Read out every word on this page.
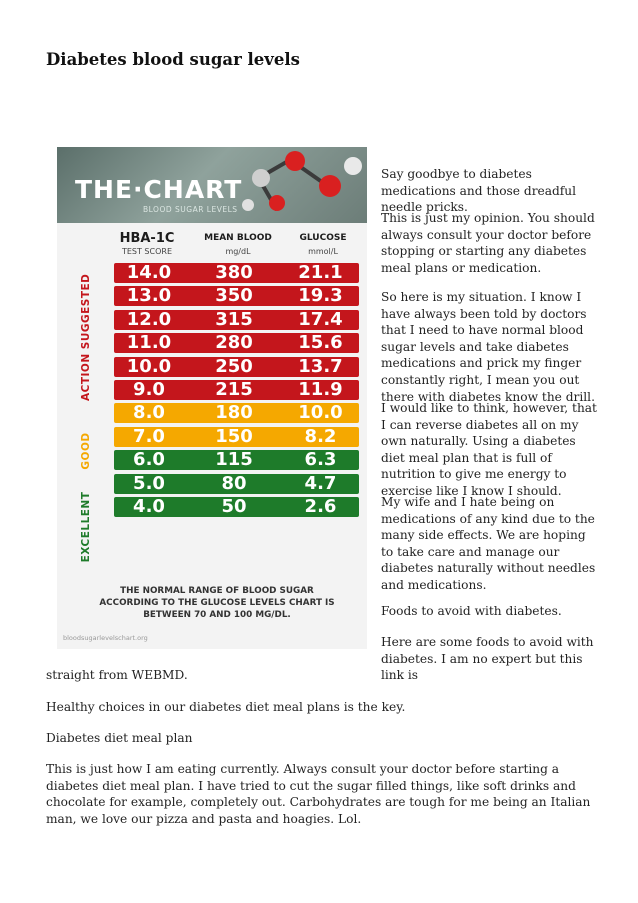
Diabetes blood sugar levels
THE·CHART
BLOOD SUGAR LEVELS
HBA-1C
TEST SCORE
MEAN BLOOD
mg/dL
GLUCOSE
mmol/L
14.0	380	21.1
13.0	350	19.3
12.0	315	17.4
11.0	280	15.6
10.0	250	13.7
9.0	215	11.9
8.0	180	10.0
7.0	150	8.2
6.0	115	6.3
5.0	80	4.7
4.0	50	2.6
ACTION SUGGESTED
GOOD
EXCELLENT
THE NORMAL RANGE OF BLOOD SUGAR ACCORDING TO THE GLUCOSE LEVELS CHART IS BETWEEN 70 AND 100 MG/DL.
bloodsugarlevelschart.org

Say goodbye to diabetes medications and those dreadful needle pricks.

This is just my opinion. You should always consult your doctor before stopping or starting any diabetes meal plans or medication.

So here is my situation. I know I have always been told by doctors that I need to have normal blood sugar levels and take diabetes medications and prick my finger constantly right, I mean you out there with diabetes know the drill.

I would like to think, however, that I can reverse diabetes all on my own naturally. Using a diabetes diet meal plan that is full of nutrition to give me energy to exercise like I know I should.

My wife and I hate being on medications of any kind due to the many side effects. We are hoping to take care and manage our diabetes naturally without needles and medications.

Foods to avoid with diabetes.

Here are some foods to avoid with diabetes. I am no expert but this link is

straight from WEBMD.

Healthy choices in our diabetes diet meal plans is the key.

Diabetes diet meal plan

This is just how I am eating currently. Always consult your doctor before starting a diabetes diet meal plan. I have tried to cut the sugar filled things, like soft drinks and chocolate for example, completely out. Carbohydrates are tough for me being an Italian man, we love our pizza and pasta and hoagies. Lol.
